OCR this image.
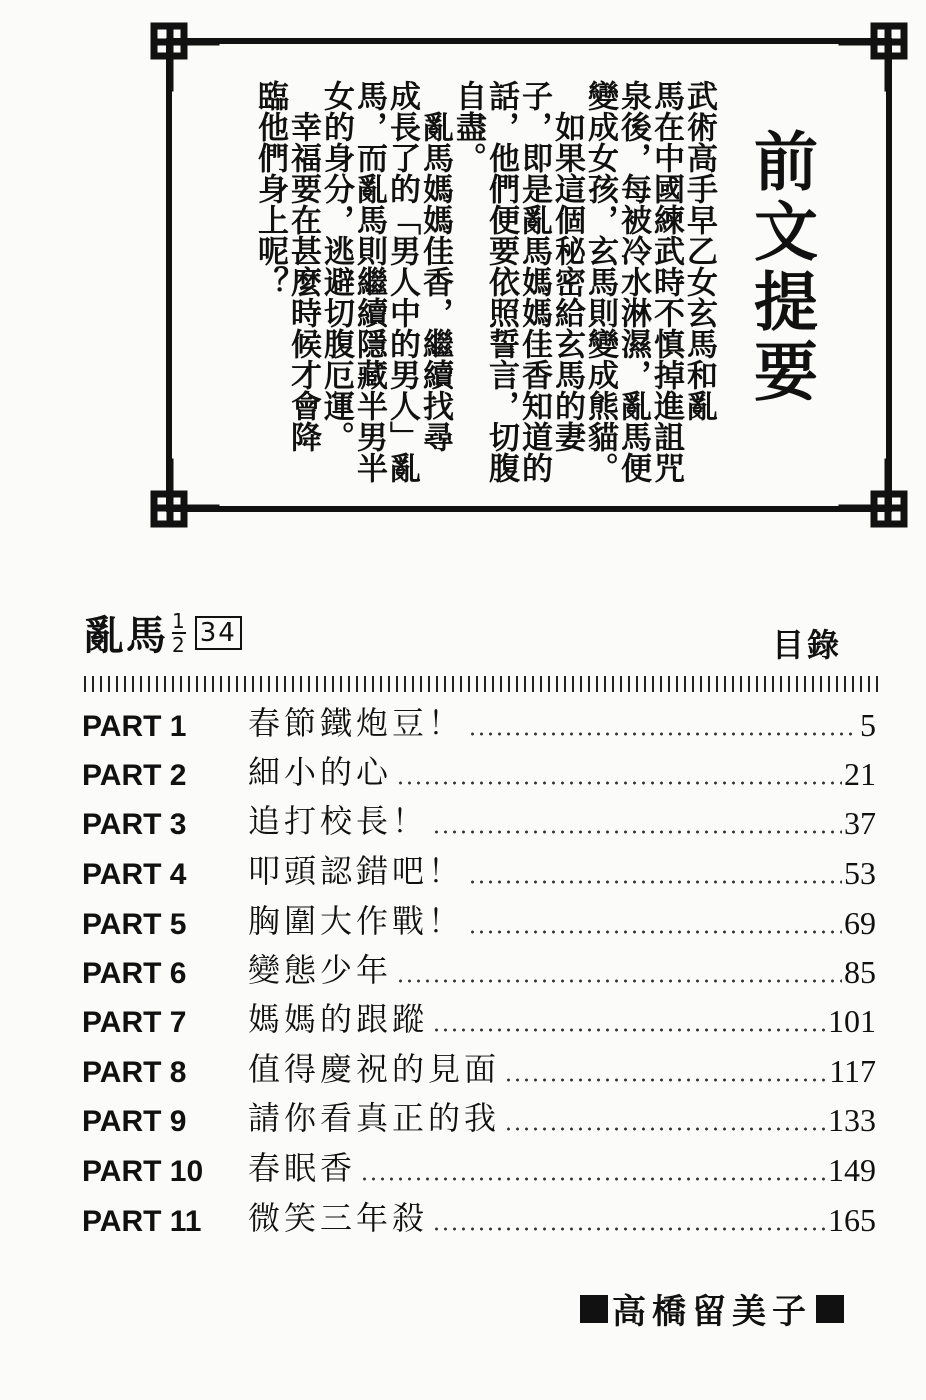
前文提要
武術高手早乙女玄馬和亂
馬在中國練武時不慎掉進詛咒
泉後，每被冷水淋濕，亂馬便
變成女孩，玄馬則變成熊貓。
　如果這個秘密給玄馬的妻
子，即是亂馬媽媽佳香知道的
話，他們便要依照誓言，切腹
自盡。
　亂馬媽媽佳香，繼續找尋
成長了的「男人中的男人」亂
馬，而亂馬則繼續隱藏半男半
女的身分，逃避切腹厄運。
　幸福要在甚麼時候才會降
臨他們身上呢？
亂馬 1
2 34	目錄
PART 1	春節鐵炮豆！	5
PART 2	細小的心	21
PART 3	追打校長！	37
PART 4	叩頭認錯吧！	53
PART 5	胸圍大作戰！	69
PART 6	變態少年	85
PART 7	媽媽的跟蹤	101
PART 8	值得慶祝的見面	117
PART 9	請你看真正的我	133
PART 10	春眠香	149
PART 11	微笑三年殺	165
高橋留美子
